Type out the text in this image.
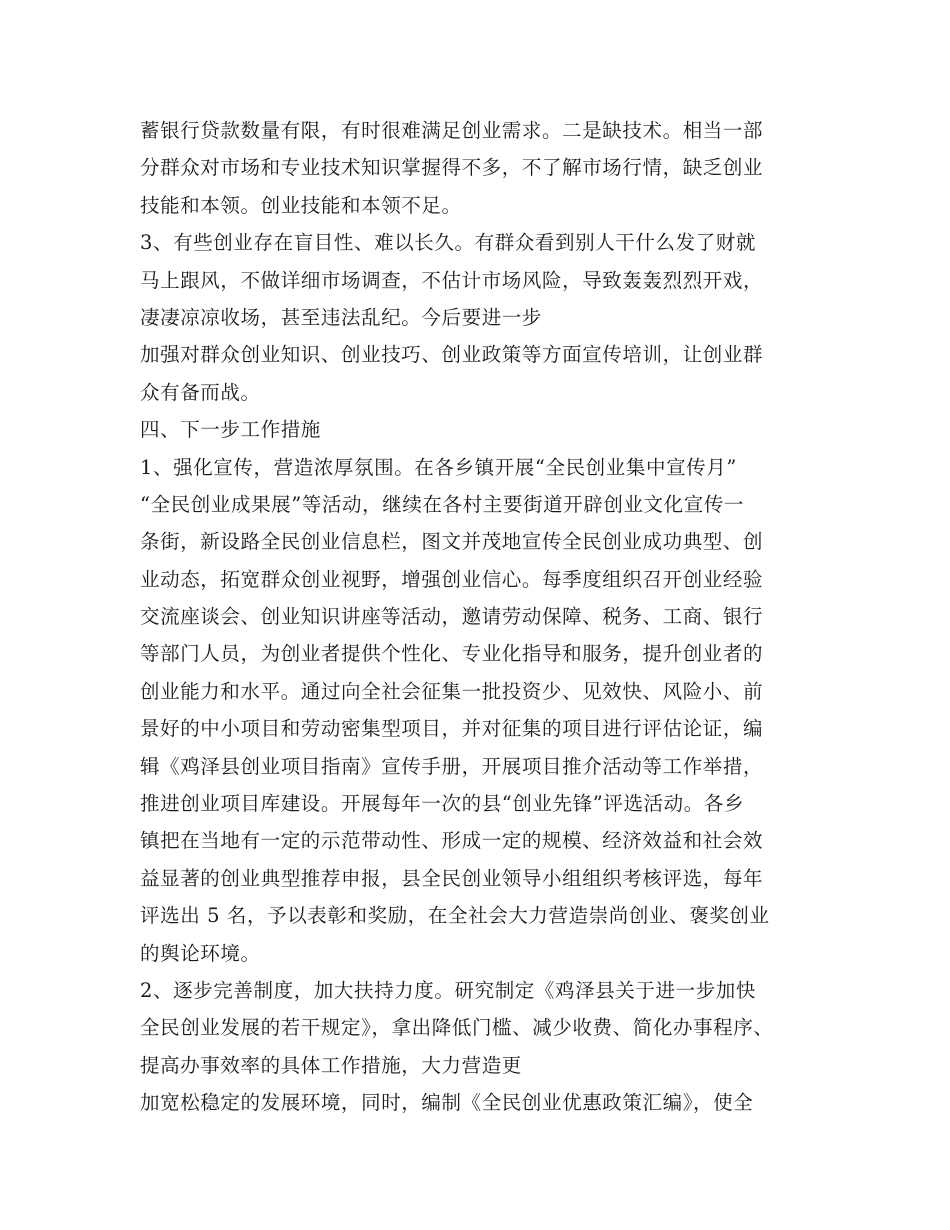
蓄银行贷款数量有限，有时很难满足创业需求。二是缺技术。相当一部
分群众对市场和专业技术知识掌握得不多，不了解市场行情，缺乏创业
技能和本领。创业技能和本领不足。
3、有些创业存在盲目性、难以长久。有群众看到别人干什么发了财就
马上跟风，不做详细市场调查，不估计市场风险，导致轰轰烈烈开戏，
凄凄凉凉收场，甚至违法乱纪。今后要进一步
加强对群众创业知识、创业技巧、创业政策等方面宣传培训，让创业群
众有备而战。
四、下一步工作措施
1、强化宣传，营造浓厚氛围。在各乡镇开展“全民创业集中宣传月”
“全民创业成果展”等活动，继续在各村主要街道开辟创业文化宣传一
条街，新设路全民创业信息栏，图文并茂地宣传全民创业成功典型、创
业动态，拓宽群众创业视野，增强创业信心。每季度组织召开创业经验
交流座谈会、创业知识讲座等活动，邀请劳动保障、税务、工商、银行
等部门人员，为创业者提供个性化、专业化指导和服务，提升创业者的
创业能力和水平。通过向全社会征集一批投资少、见效快、风险小、前
景好的中小项目和劳动密集型项目，并对征集的项目进行评估论证，编
辑《鸡泽县创业项目指南》宣传手册，开展项目推介活动等工作举措，
推进创业项目库建设。开展每年一次的县“创业先锋”评选活动。各乡
镇把在当地有一定的示范带动性、形成一定的规模、经济效益和社会效
益显著的创业典型推荐申报，县全民创业领导小组组织考核评选，每年
评选出 5 名，予以表彰和奖励，在全社会大力营造崇尚创业、褒奖创业
的舆论环境。
2、逐步完善制度，加大扶持力度。研究制定《鸡泽县关于进一步加快
全民创业发展的若干规定》，拿出降低门槛、减少收费、简化办事程序、
提高办事效率的具体工作措施，大力营造更
加宽松稳定的发展环境，同时，编制《全民创业优惠政策汇编》，使全
